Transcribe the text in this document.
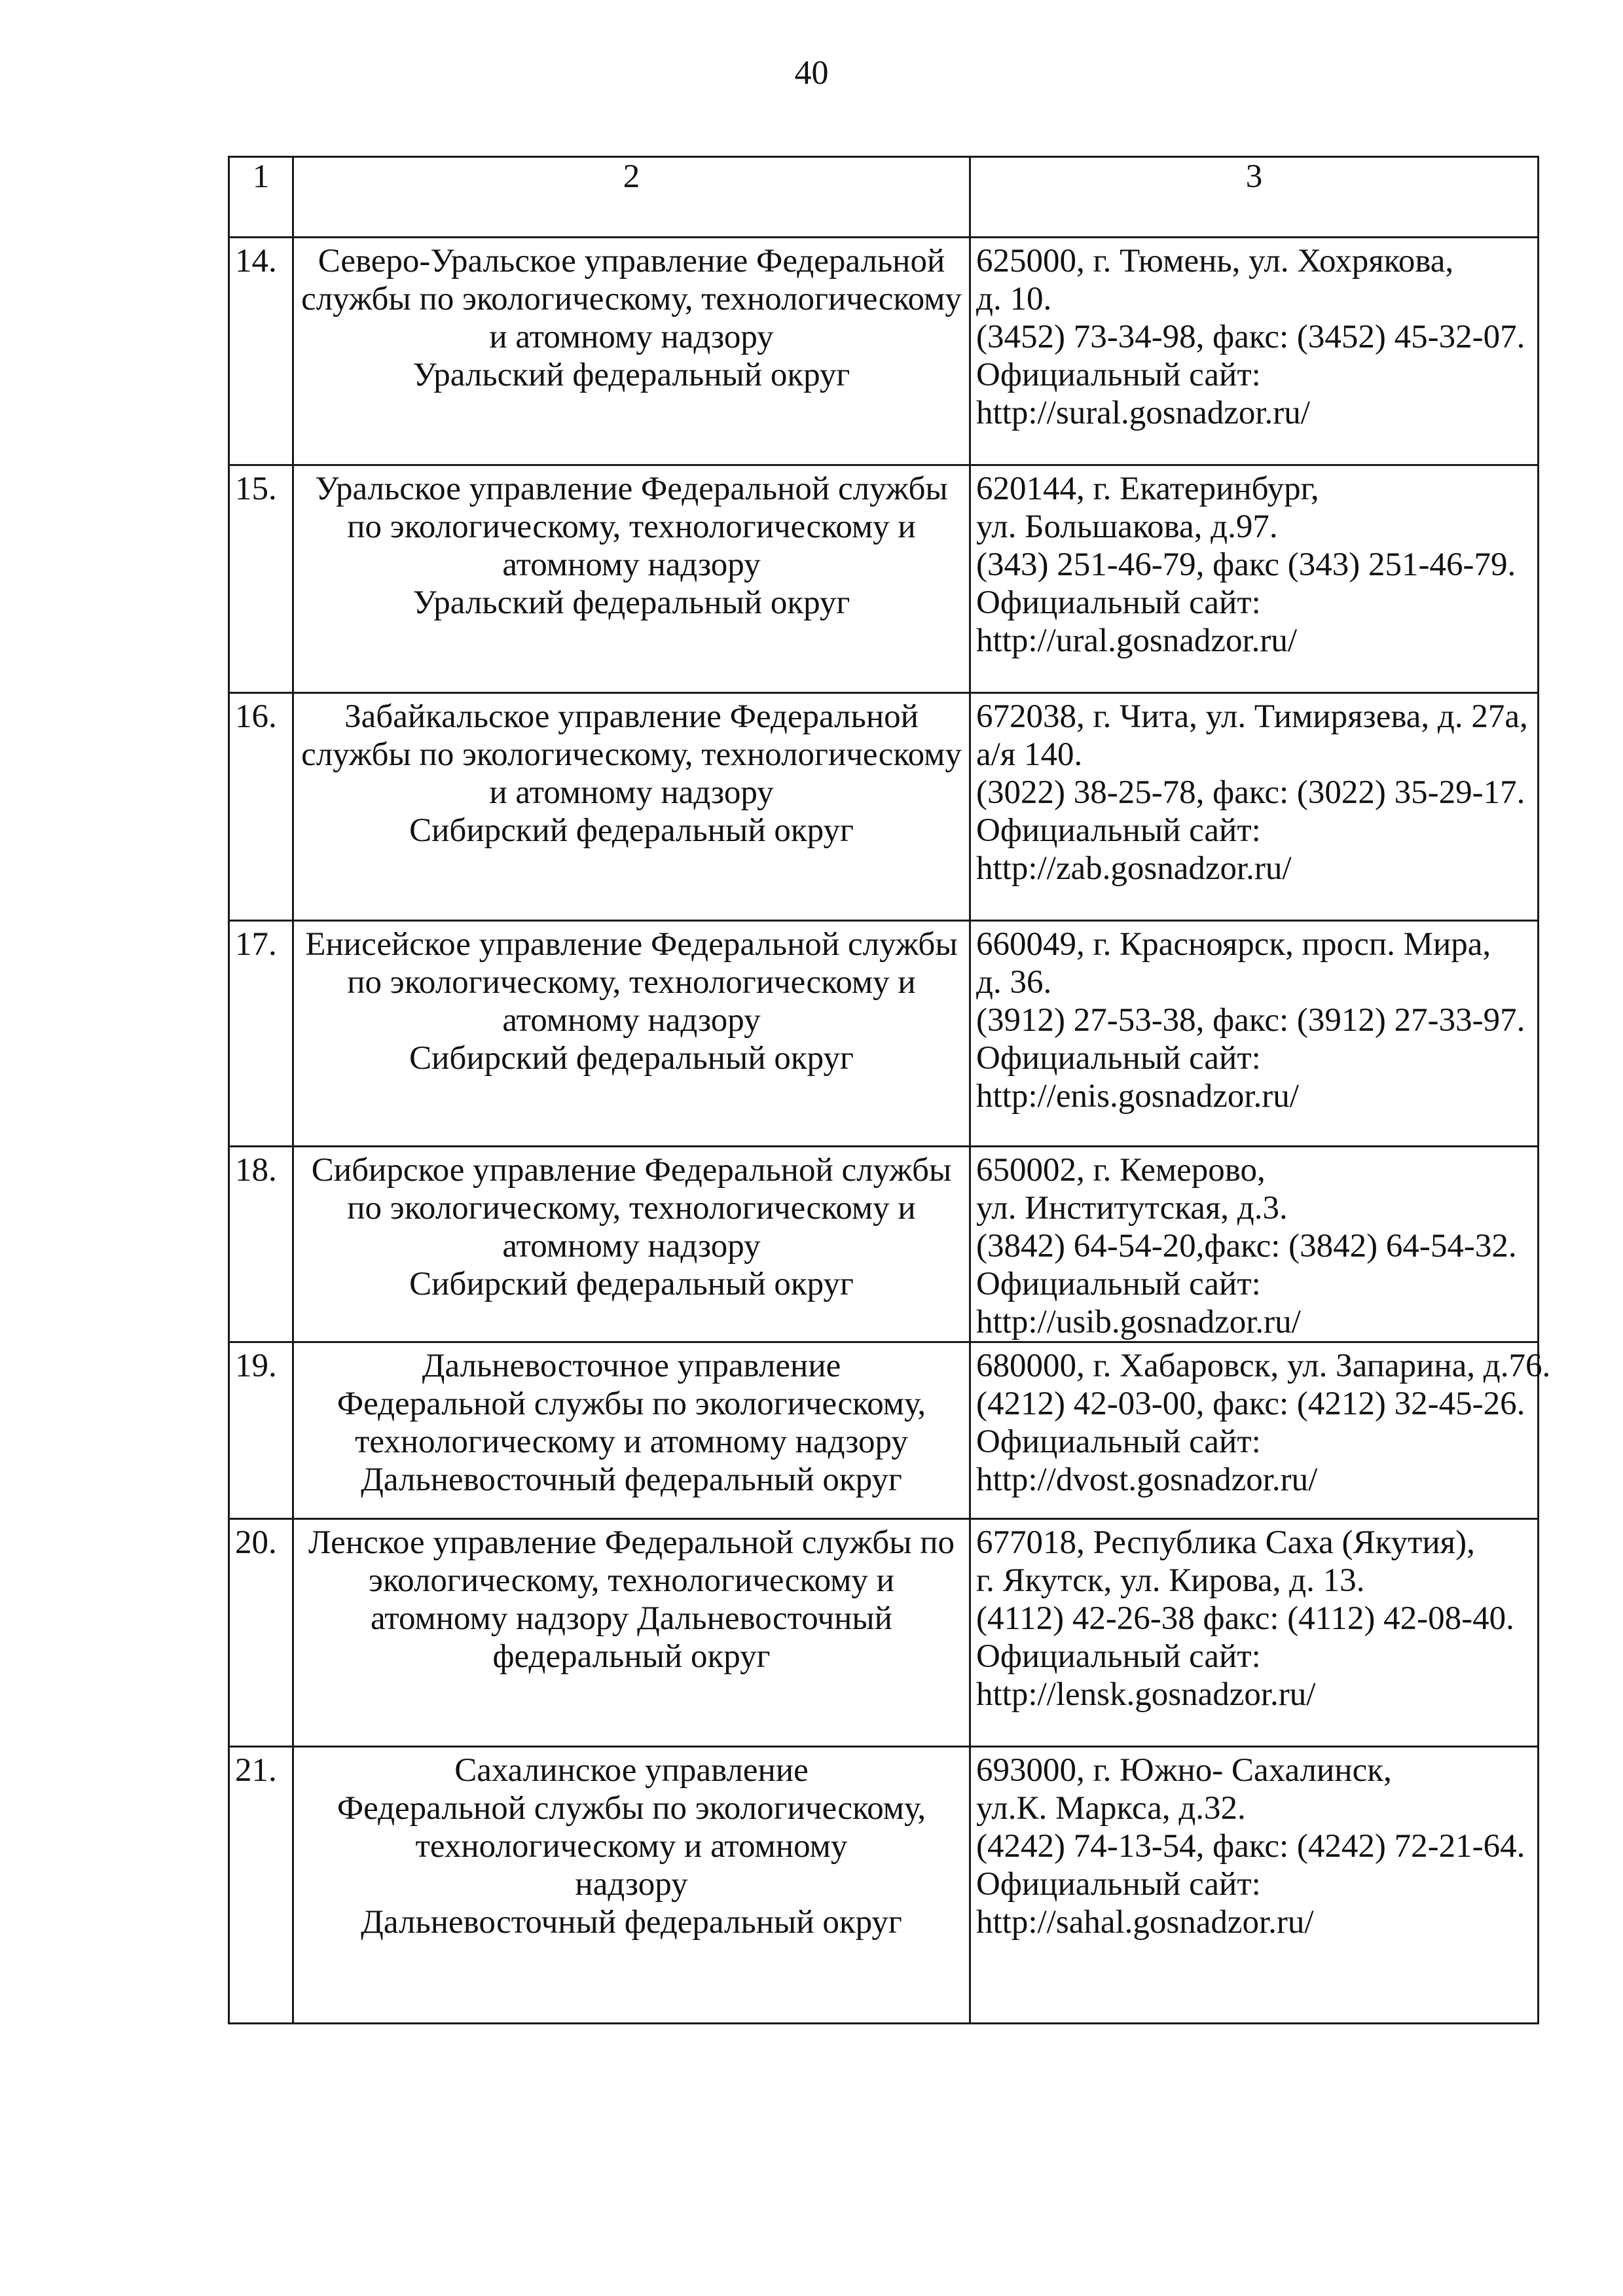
40
1	2	3
14.	Северо-Уральское управление Федеральной
службы по экологическому, технологическому
и атомному надзору
Уральский федеральный округ	625000, г. Тюмень, ул. Хохрякова,
д. 10.
(3452) 73-34-98, факс: (3452) 45-32-07.
Официальный сайт:
http://sural.gosnadzor.ru/

15.	Уральское управление Федеральной службы
по экологическому, технологическому и
атомному надзору
Уральский федеральный округ	620144, г. Екатеринбург,
ул. Большакова, д.97.
(343) 251-46-79, факс (343) 251-46-79.
Официальный сайт:
http://ural.gosnadzor.ru/

16.	Забайкальское управление Федеральной
службы по экологическому, технологическому
и атомному надзору
Сибирский федеральный округ	672038, г. Чита, ул. Тимирязева, д. 27а,
а/я 140.
(3022) 38-25-78, факс: (3022) 35-29-17.
Официальный сайт:
http://zab.gosnadzor.ru/

17.	Енисейское управление Федеральной службы
по экологическому, технологическому и
атомному надзору
Сибирский федеральный округ	660049, г. Красноярск, просп. Мира,
д. 36.
(3912) 27-53-38, факс: (3912) 27-33-97.
Официальный сайт:
http://enis.gosnadzor.ru/

18.	Сибирское управление Федеральной службы
по экологическому, технологическому и
атомному надзору
Сибирский федеральный округ	650002, г. Кемерово,
ул. Институтская, д.3.
(3842) 64-54-20,факс: (3842) 64-54-32.
Официальный сайт:
http://usib.gosnadzor.ru/

19.	Дальневосточное управление
Федеральной службы по экологическому,
технологическому и атомному надзору
Дальневосточный федеральный округ	680000, г. Хабаровск, ул. Запарина, д.76.
(4212) 42-03-00, факс: (4212) 32-45-26.
Официальный сайт:
http://dvost.gosnadzor.ru/

20.	Ленское управление Федеральной службы по
экологическому, технологическому и
атомному надзору Дальневосточный
федеральный округ	677018, Республика Саха (Якутия),
г. Якутск, ул. Кирова, д. 13.
(4112) 42-26-38 факс: (4112) 42-08-40.
Официальный сайт:
http://lensk.gosnadzor.ru/

21.	Сахалинское управление
Федеральной службы по экологическому,
технологическому и атомному
надзору
Дальневосточный федеральный округ	693000, г. Южно- Сахалинск,
ул.К. Маркса, д.32.
(4242) 74-13-54, факс: (4242) 72-21-64.
Официальный сайт:
http://sahal.gosnadzor.ru/
